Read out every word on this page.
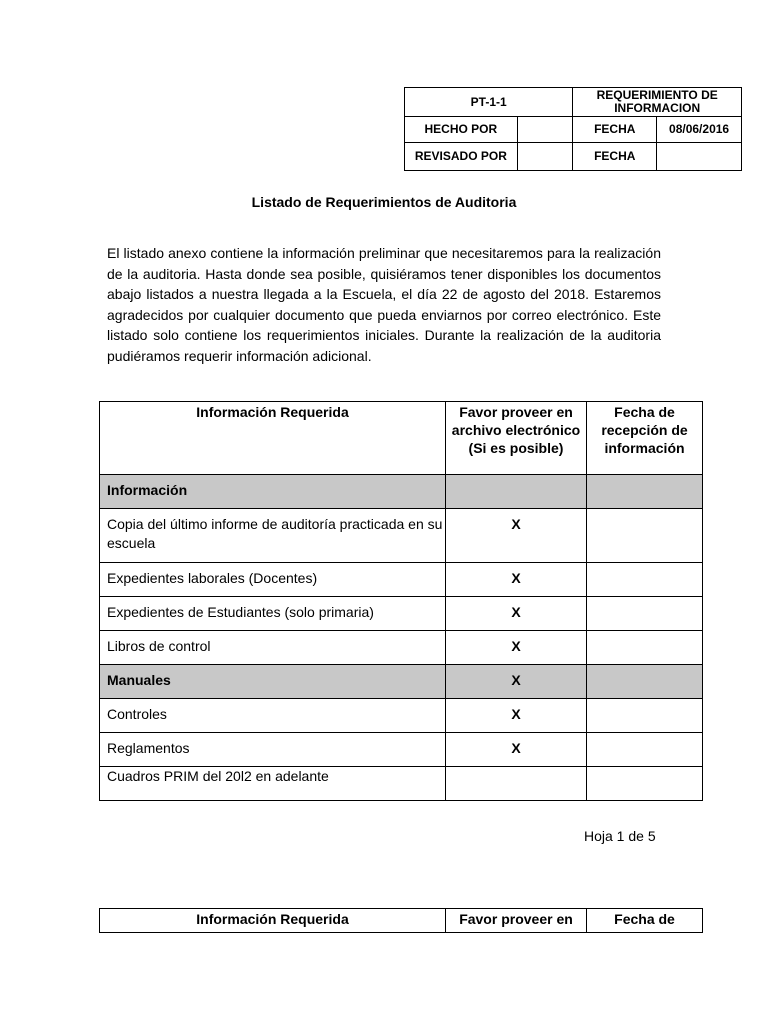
PT-1-1		REQUERIMIENTO DE INFORMACION	
HECHO POR		FECHA	08/06/2016
REVISADO POR		FECHA	
Listado de Requerimientos de Auditoria

El listado anexo contiene la información preliminar que necesitaremos para la realización de la auditoria. Hasta donde sea posible, quisiéramos tener disponibles los documentos abajo listados a nuestra llegada a la Escuela, el día 22 de agosto del 2018. Estaremos agradecidos por cualquier documento que pueda enviarnos por correo electrónico. Este listado solo contiene los requerimientos iniciales. Durante la realización de la auditoria pudiéramos requerir información adicional.

Información Requerida	Favor proveer en archivo electrónico (Si es posible)	Fecha de recepción de información
Información		
Copia del último informe de auditoría practicada en su escuela	X	
Expedientes laborales (Docentes)	X	
Expedientes de Estudiantes (solo primaria)	X	
Libros de control	X	
Manuales	X	
Controles	X	
Reglamentos	X	
Cuadros PRIM del 20l2 en adelante		
Hoja 1 de 5
Información Requerida	Favor proveer en	Fecha de
